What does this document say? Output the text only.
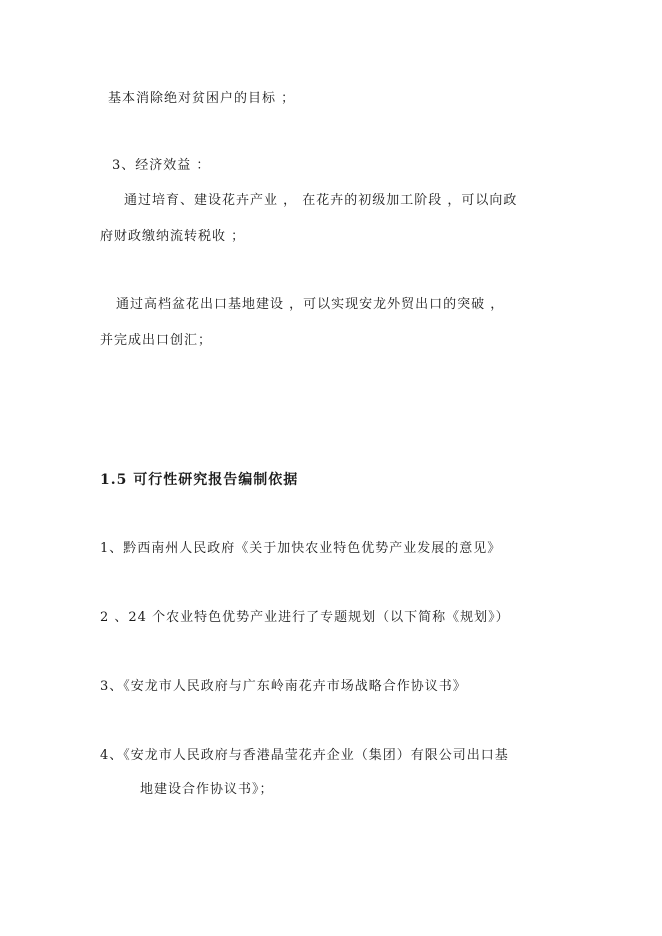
基本消除绝对贫困户的目标 ；
3、经济效益 ：
通过培育、建设花卉产业 ， 在花卉的初级加工阶段 ，可以向政
府财政缴纳流转税收 ；
通过高档盆花出口基地建设 ，可以实现安龙外贸出口的突破 ，
并完成出口创汇；
1.5 可行性研究报告编制依据
1、黔西南州人民政府《关于加快农业特色优势产业发展的意见》
2 、24 个农业特色优势产业进行了专题规划（以下简称《规划》）
3、《安龙市人民政府与广东岭南花卉市场战略合作协议书》
4、《安龙市人民政府与香港晶莹花卉企业（集团）有限公司出口基
地建设合作协议书》；
